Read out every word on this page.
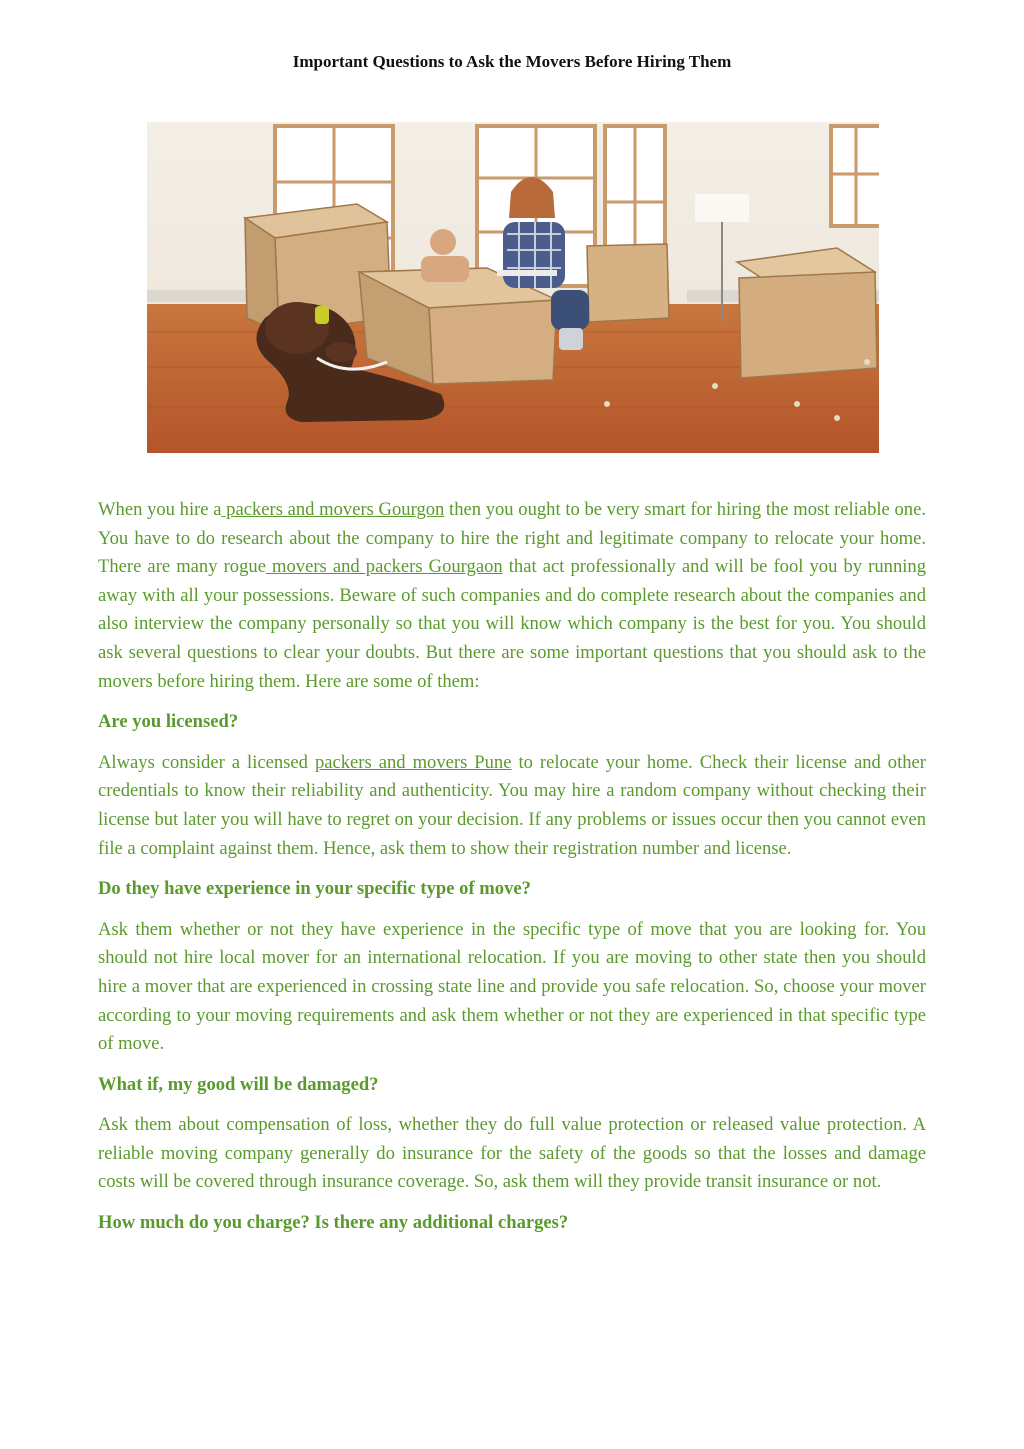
Important Questions to Ask the Movers Before Hiring Them

When you hire a packers and movers Gourgon then you ought to be very smart for hiring the most reliable one. You have to do research about the company to hire the right and legitimate company to relocate your home. There are many rogue movers and packers Gourgaon that act professionally and will be fool you by running away with all your possessions. Beware of such companies and do complete research about the companies and also interview the company personally so that you will know which company is the best for you. You should ask several questions to clear your doubts. But there are some important questions that you should ask to the movers before hiring them. Here are some of them:

Are you licensed?

Always consider a licensed packers and movers Pune to relocate your home. Check their license and other credentials to know their reliability and authenticity. You may hire a random company without checking their license but later you will have to regret on your decision. If any problems or issues occur then you cannot even file a complaint against them. Hence, ask them to show their registration number and license.

Do they have experience in your specific type of move?

Ask them whether or not they have experience in the specific type of move that you are looking for. You should not hire local mover for an international relocation. If you are moving to other state then you should hire a mover that are experienced in crossing state line and provide you safe relocation. So, choose your mover according to your moving requirements and ask them whether or not they are experienced in that specific type of move.

What if, my good will be damaged?

Ask them about compensation of loss, whether they do full value protection or released value protection. A reliable moving company generally do insurance for the safety of the goods so that the losses and damage costs will be covered through insurance coverage. So, ask them will they provide transit insurance or not.

How much do you charge? Is there any additional charges?
